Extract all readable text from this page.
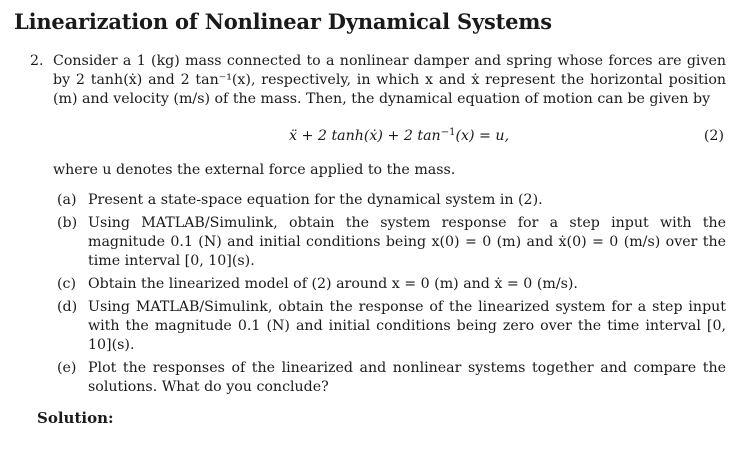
Linearization of Nonlinear Dynamical Systems
2. Consider a 1 (kg) mass connected to a nonlinear damper and spring whose forces are given by 2 tanh(ẋ) and 2 tan⁻¹(x), respectively, in which x and ẋ represent the horizontal position (m) and velocity (m/s) of the mass. Then, the dynamical equation of motion can be given by
ẍ + 2 tanh(ẋ) + 2 $\tan^{-1}(x) = u$,	(2)
where u denotes the external force applied to the mass.
(a) Present a state-space equation for the dynamical system in (2).
(b) Using MATLAB/Simulink, obtain the system response for a step input with the magnitude 0.1 (N) and initial conditions being x(0) = 0 (m) and ẋ(0) = 0 (m/s) over the time interval [0, 10](s).
(c) Obtain the linearized model of (2) around x = 0 (m) and ẋ = 0 (m/s).
(d) Using MATLAB/Simulink, obtain the response of the linearized system for a step input with the magnitude 0.1 (N) and initial conditions being zero over the time interval [0, 10](s).
(e) Plot the responses of the linearized and nonlinear systems together and compare the solutions. What do you conclude?
Solution:
